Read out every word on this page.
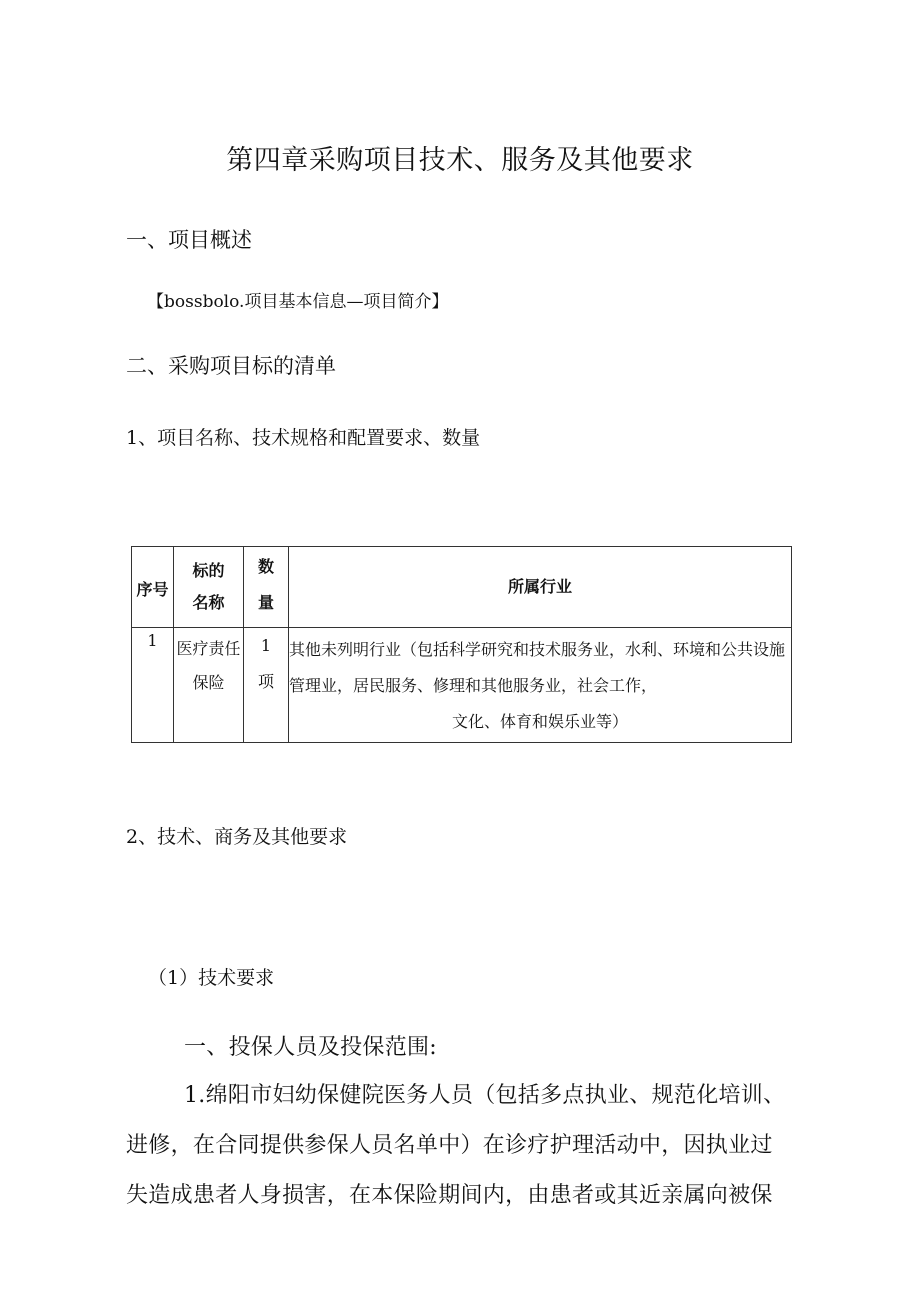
第四章采购项目技术、服务及其他要求
一、项目概述
【bossbolo.项目基本信息—项目简介】
二、采购项目标的清单
1、项目名称、技术规格和配置要求、数量
序号	标的名称	数量	所属行业
1	医疗责任保险	1项	其他未列明行业（包括科学研究和技术服务业，水利、环境和公共设施管理业，居民服务、修理和其他服务业，社会工作，
文化、体育和娱乐业等）
2、技术、商务及其他要求
（1）技术要求
一、投保人员及投保范围:
1.绵阳市妇幼保健院医务人员（包括多点执业、规范化培训、
进修，在合同提供参保人员名单中）在诊疗护理活动中，因执业过
失造成患者人身损害，在本保险期间内，由患者或其近亲属向被保
